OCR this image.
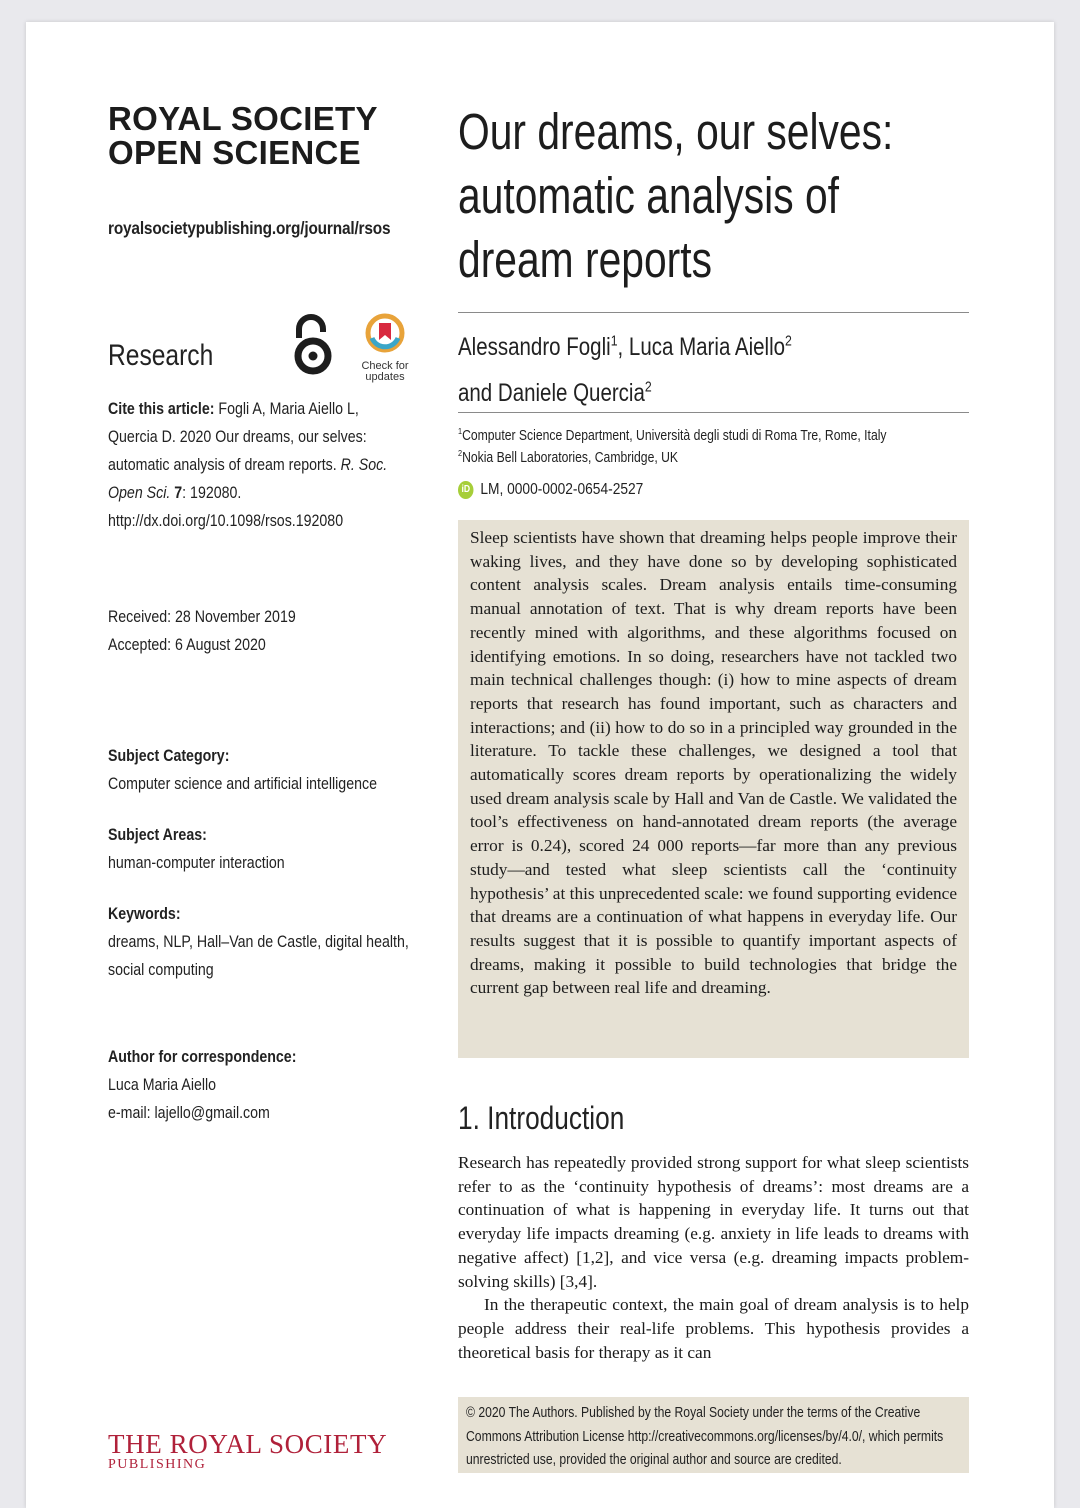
ROYAL SOCIETY
OPEN SCIENCE
royalsocietypublishing.org/journal/rsos
Research	Check for
updates
Cite this article: Fogli A, Maria Aiello L, Quercia D. 2020 Our dreams, our selves: automatic analysis of dream reports. R. Soc. Open Sci. 7: 192080.
http://dx.doi.org/10.1098/rsos.192080
Received: 28 November 2019
Accepted: 6 August 2020
Subject Category:
Computer science and artificial intelligence
Subject Areas:
human-computer interaction
Keywords:
dreams, NLP, Hall–Van de Castle, digital health, social computing
Author for correspondence:
Luca Maria Aiello
e-mail: lajello@gmail.com
THE ROYAL SOCIETY
PUBLISHING
Our dreams, our selves:
automatic analysis of
dream reports
Alessandro Fogli$^1$, Luca Maria Aiello$^2$
and Daniele Quercia$^2$
$^1$Computer Science Department, Università degli studi di Roma Tre, Rome, Italy
$^2$Nokia Bell Laboratories, Cambridge, UK
iD LM, 0000-0002-0654-2527
Sleep scientists have shown that dreaming helps people improve their waking lives, and they have done so by developing sophisticated content analysis scales. Dream analysis entails time-consuming manual annotation of text. That is why dream reports have been recently mined with algorithms, and these algorithms focused on identifying emotions. In so doing, researchers have not tackled two main technical challenges though: (i) how to mine aspects of dream reports that research has found important, such as characters and interactions; and (ii) how to do so in a principled way grounded in the literature. To tackle these challenges, we designed a tool that automatically scores dream reports by operationalizing the widely used dream analysis scale by Hall and Van de Castle. We validated the tool’s effectiveness on hand-annotated dream reports (the average error is 0.24), scored 24 000 reports—far more than any previous study—and tested what sleep scientists call the ‘continuity hypothesis’ at this unprecedented scale: we found supporting evidence that dreams are a continuation of what happens in everyday life. Our results suggest that it is possible to quantify important aspects of dreams, making it possible to build technologies that bridge the current gap between real life and dreaming.
1. Introduction

Research has repeatedly provided strong support for what sleep scientists refer to as the ‘continuity hypothesis of dreams’: most dreams are a continuation of what is happening in everyday life. It turns out that everyday life impacts dreaming (e.g. anxiety in life leads to dreams with negative affect) [1,2], and vice versa (e.g. dreaming impacts problem-solving skills) [3,4].

In the therapeutic context, the main goal of dream analysis is to help people address their real-life problems. This hypothesis provides a theoretical basis for therapy as it can

© 2020 The Authors. Published by the Royal Society under the terms of the Creative Commons Attribution License http://creativecommons.org/licenses/by/4.0/, which permits unrestricted use, provided the original author and source are credited.
